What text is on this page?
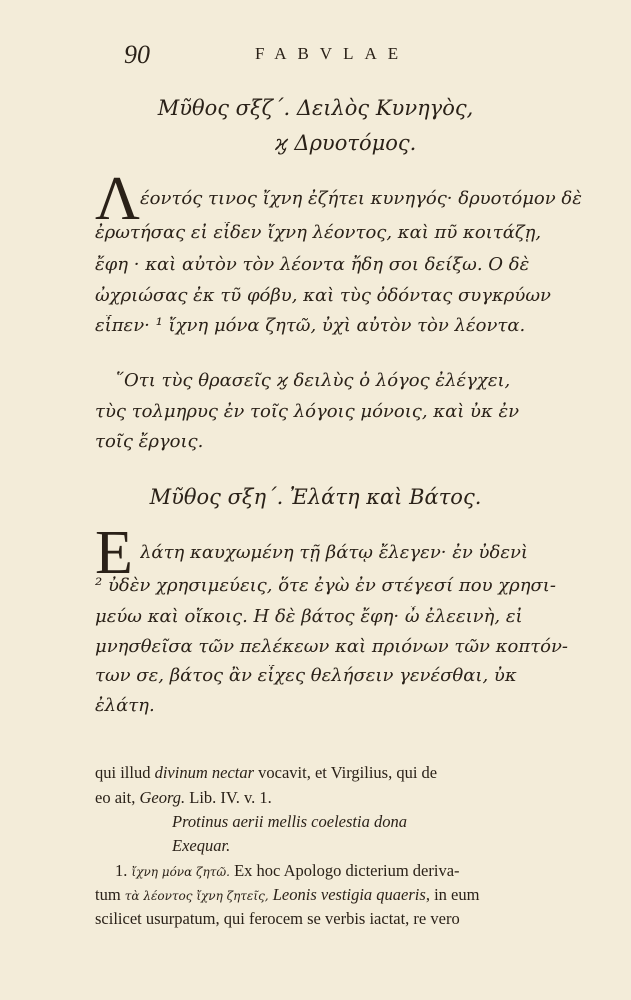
90	FABVLAE
Μῦθος σξζ΄. Δειλὸς Κυνηγὸς,
ϗ Δρυοτόμος.
Λ έοντός τινος ἴχνη ἐζήτει κυνηγός· δρυοτόμον δὲ
ἐρωτήσας εἰ εἶδεν ἴχνη λέοντος, καὶ πῦ κοιτάζῃ,
ἔφη · καὶ αὐτὸν τὸν λέοντα ἤδη σοι δείξω. Ο δὲ
ὠχριώσας ἐκ τῦ φόβυ, καὶ τὺς ὀδόντας συγκρύων
εἶπεν· ¹ ἴχνη μόνα ζητῶ, ὐχὶ αὐτὸν τὸν λέοντα.
῞Οτι τὺς θρασεῖς ϗ δειλὺς ὁ λόγος ἐλέγχει,
τὺς τολμηρυς ἐν τοῖς λόγοις μόνοις, καὶ ὐκ ἐν
τοῖς ἔργοις.
Μῦθος σξη΄. Ἐλάτη καὶ Βάτος.
Ε λάτη καυχωμένη τῇ βάτῳ ἔλεγεν· ἐν ὐδενὶ
² ὐδὲν χρησιμεύεις, ὅτε ἐγὼ ἐν στέγεσί που χρησι-
μεύω καὶ οἴκοις. Η δὲ βάτος ἔφη· ὦ ἐλεεινὴ, εἰ
μνησθεῖσα τῶν πελέκεων καὶ πριόνων τῶν κοπτόν-
των σε, βάτος ἂν εἶχες θελήσειν γενέσθαι, ὐκ
ἐλάτη.
qui illud divinum nectar vocavit, et Virgilius, qui de
eo ait, Georg. Lib. IV. v. 1.
Protinus aerii mellis coelestia dona
Exequar.
1. ἴχνη μόνα ζητῶ. Ex hoc Apologo dicterium deriva-
tum τὰ λέοντος ἴχνη ζητεῖς, Leonis vestigia quaeris, in eum
scilicet usurpatum, qui ferocem se verbis iactat, re vero
